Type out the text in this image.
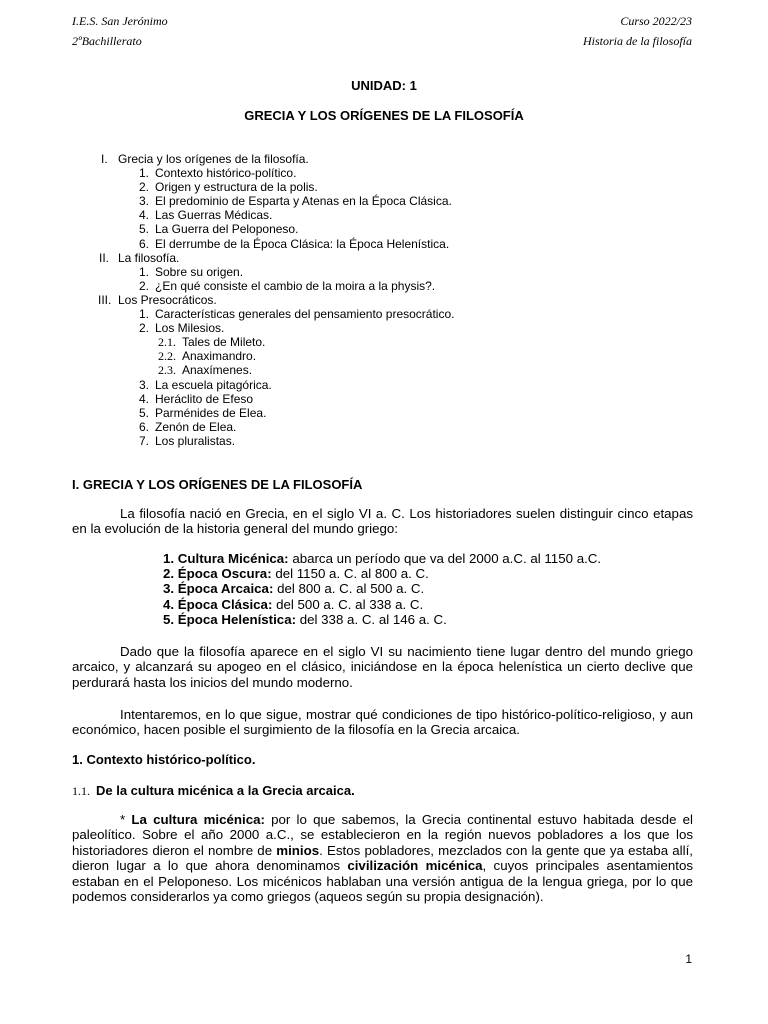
I.E.S. San Jerónimo	Curso 2022/23
2ºBachillerato	Historia de la filosofía
UNIDAD: 1
GRECIA Y LOS ORÍGENES DE LA FILOSOFÍA
I. Grecia y los orígenes de la filosofía.
1. Contexto histórico-político.
2. Origen y estructura de la polis.
3. El predominio de Esparta y Atenas en la Época Clásica.
4. Las Guerras Médicas.
5. La Guerra del Peloponeso.
6. El derrumbe de la Época Clásica: la Época Helenística.
II. La filosofía.
1. Sobre su origen.
2. ¿En qué consiste el cambio de la moira a la physis?.
III. Los Presocráticos.
1. Características generales del pensamiento presocrático.
2. Los Milesios.
2.1. Tales de Mileto.
2.2. Anaximandro.
2.3. Anaxímenes.
3. La escuela pitagórica.
4. Heráclito de Efeso
5. Parménides de Elea.
6. Zenón de Elea.
7. Los pluralistas.
I. GRECIA Y LOS ORÍGENES DE LA FILOSOFÍA
La filosofía nació en Grecia, en el siglo VI a. C. Los historiadores suelen distinguir cinco etapas en la evolución de la historia general del mundo griego:
1. Cultura Micénica: abarca un período que va del 2000 a.C. al 1150 a.C.
2. Época Oscura: del 1150 a. C. al 800 a. C.
3. Época Arcaica: del 800 a. C. al 500 a. C.
4. Época Clásica: del 500 a. C. al 338 a. C.
5. Época Helenística: del 338 a. C. al 146 a. C.
Dado que la filosofía aparece en el siglo VI su nacimiento tiene lugar dentro del mundo griego arcaico, y alcanzará su apogeo en el clásico, iniciándose en la época helenística un cierto declive que perdurará hasta los inicios del mundo moderno.
Intentaremos, en lo que sigue, mostrar qué condiciones de tipo histórico-político-religioso, y aun económico, hacen posible el surgimiento de la filosofía en la Grecia arcaica.
1. Contexto histórico-político.
1.1. De la cultura micénica a la Grecia arcaica.
* La cultura micénica: por lo que sabemos, la Grecia continental estuvo habitada desde el paleolítico. Sobre el año 2000 a.C., se establecieron en la región nuevos pobladores a los que los historiadores dieron el nombre de minios. Estos pobladores, mezclados con la gente que ya estaba allí, dieron lugar a lo que ahora denominamos civilización micénica, cuyos principales asentamientos estaban en el Peloponeso. Los micénicos hablaban una versión antigua de la lengua griega, por lo que podemos considerarlos ya como griegos (aqueos según su propia designación).
1
